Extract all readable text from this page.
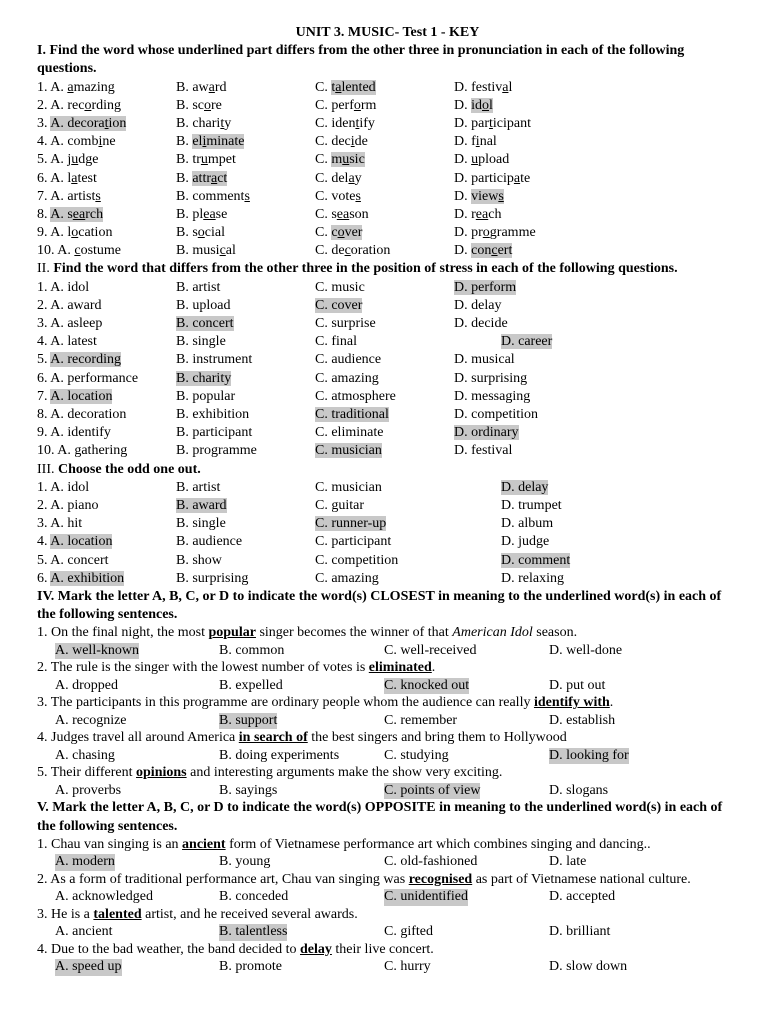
UNIT 3. MUSIC- Test 1 - KEY
I. Find the word whose underlined part differs from the other three in pronunciation in each of the following questions.
1. A. amazing	B. award	C. talented	D. festival
2. A. recording	B. score	C. perform	D. idol
3. A. decoration	B. charity	C. identify	D. participant
4. A. combine	B. eliminate	C. decide	D. final
5. A. judge	B. trumpet	C. music	D. upload
6. A. latest	B. attract	C. delay	D. participate
7. A. artists	B. comments	C. votes	D. views
8. A. search	B. please	C. season	D. reach
9. A. location	B. social	C. cover	D. programme
10. A. costume	B. musical	C. decoration	D. concert
II. Find the word that differs from the other three in the position of stress in each of the following questions.
1. A. idol	B. artist	C. music	D. perform
2. A. award	B. upload	C. cover	D. delay
3. A. asleep	B. concert	C. surprise	D. decide
4. A. latest	B. single	C. final	D. career
5. A. recording	B. instrument	C. audience	D. musical
6. A. performance	B. charity	C. amazing	D. surprising
7. A. location	B. popular	C. atmosphere	D. messaging
8. A. decoration	B. exhibition	C. traditional	D. competition
9. A. identify	B. participant	C. eliminate	D. ordinary
10. A. gathering	B. programme	C. musician	D. festival
III. Choose the odd one out.
1. A. idol	B. artist	C. musician	D. delay
2. A. piano	B. award	C. guitar	D. trumpet
3. A. hit	B. single	C. runner-up	D. album
4. A. location	B. audience	C. participant	D. judge
5. A. concert	B. show	C. competition	D. comment
6. A. exhibition	B. surprising	C. amazing	D. relaxing
IV. Mark the letter A, B, C, or D to indicate the word(s) CLOSEST in meaning to the underlined word(s) in each of the following sentences.
1. On the final night, the most popular singer becomes the winner of that American Idol season.
A. well-known	B. common	C. well-received	D. well-done
2. The rule is the singer with the lowest number of votes is eliminated.
A. dropped	B. expelled	C. knocked out	D. put out
3. The participants in this programme are ordinary people whom the audience can really identify with.
A. recognize	B. support	C. remember	D. establish
4. Judges travel all around America in search of the best singers and bring them to Hollywood
A. chasing	B. doing experiments	C. studying	D. looking for
5. Their different opinions and interesting arguments make the show very exciting.
A. proverbs	B. sayings	C. points of view	D. slogans
V. Mark the letter A, B, C, or D to indicate the word(s) OPPOSITE in meaning to the underlined word(s) in each of the following sentences.
1. Chau van singing is an ancient form of Vietnamese performance art which combines singing and dancing..
A. modern	B. young	C. old-fashioned	D. late
2. As a form of traditional performance art, Chau van singing was recognised as part of Vietnamese national culture.
A. acknowledged	B. conceded	C. unidentified	D. accepted
3. He is a talented artist, and he received several awards.
A. ancient	B. talentless	C. gifted	D. brilliant
4. Due to the bad weather, the band decided to delay their live concert.
A. speed up	B. promote	C. hurry	D. slow down
